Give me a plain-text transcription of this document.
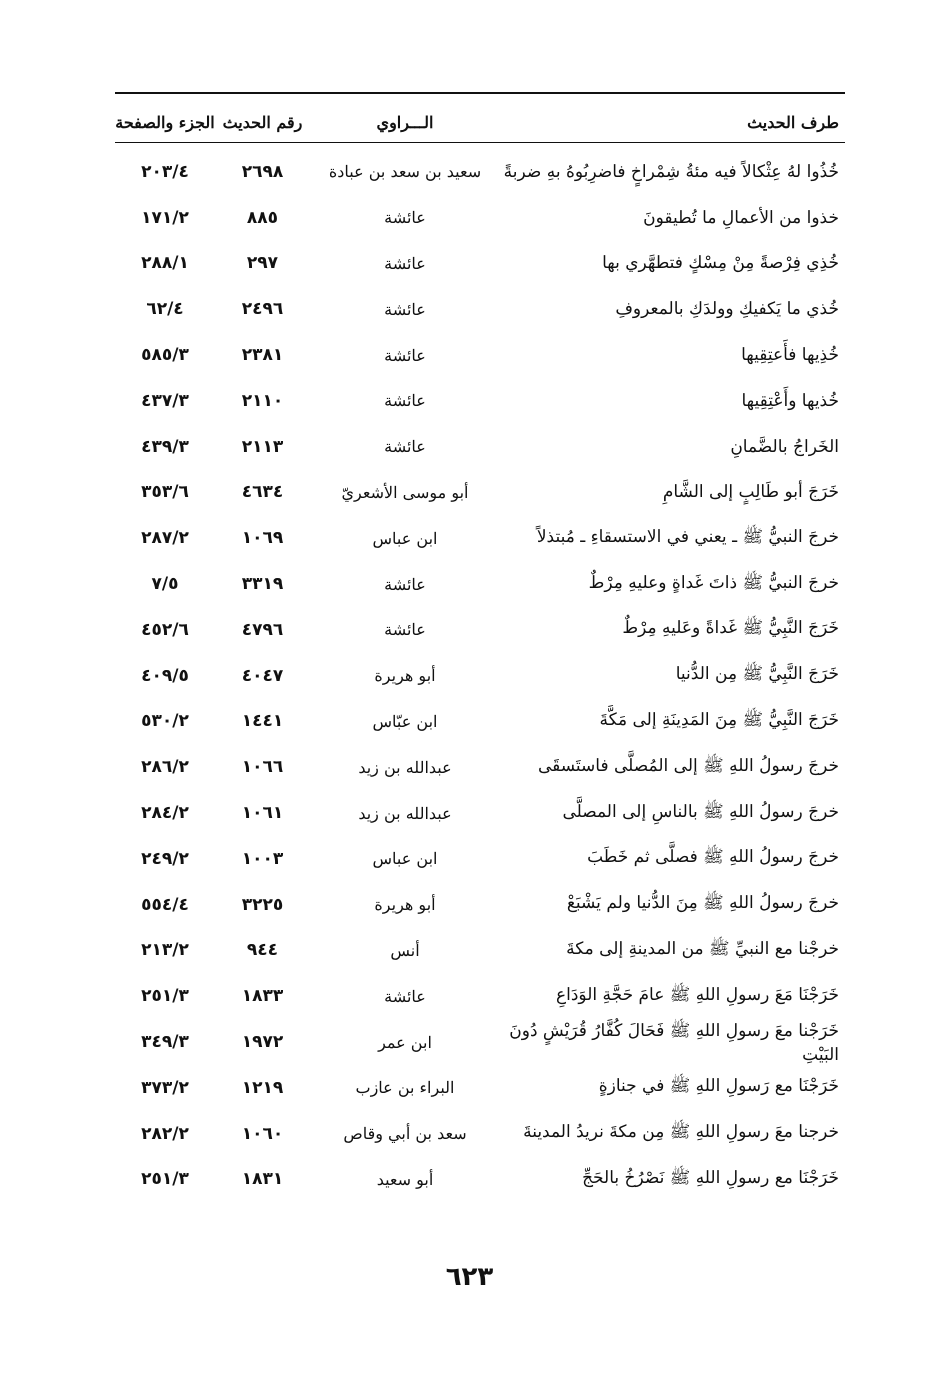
طرف الحديث
الـــراوي
رقم الحديث
الجزء والصفحة
خُذُوا لهُ عِثْكالاً فيه مئةُ شِمْراخٍ فاضرِبُوهُ بهِ ضربةً
سعيد بن سعد بن عبادة
٢٦٩٨
٢٠٣/٤
خذوا من الأعمالِ ما تُطيقونَ
عائشة
٨٨٥
١٧١/٢
خُذِي فِرْصةً مِنْ مِسْكٍ فتطهَّري بها
عائشة
٢٩٧
٢٨٨/١
خُذي ما يَكفيكِ وولدَكِ بالمعروفِ
عائشة
٢٤٩٦
٦٢/٤
خُذِيها فأَعتِقِيها
عائشة
٢٣٨١
٥٨٥/٣
خُذيها وأَعْتِقِيها
عائشة
٢١١٠
٤٣٧/٣
الخَراجُ بالضَّمانِ
عائشة
٢١١٣
٤٣٩/٣
خَرَجَ أبو طَالِبٍ إلى الشَّامِ
أبو موسى الأشعريّ
٤٦٣٤
٣٥٣/٦
خرجَ النبيُّ ﷺ ـ يعني في الاستسقاءِ ـ مُبتذلاً
ابن عباس
١٠٦٩
٢٨٧/٢
خرجَ النبيُّ ﷺ ذاتَ غَداةٍ وعليهِ مِرْطٌ
عائشة
٣٣١٩
٧/٥
خَرَجَ النَّبِيُّ ﷺ غَداةً وعَليهِ مِرْطٌ
عائشة
٤٧٩٦
٤٥٢/٦
خَرَجَ النَّبِيُّ ﷺ مِن الدُّنيا
أبو هريرة
٤٠٤٧
٤٠٩/٥
خَرَجَ النَّبِيُّ ﷺ مِنَ المَدِينَةِ إلى مَكَّةَ
ابن عبّاس
١٤٤١
٥٣٠/٢
خرجَ رسولُ اللهِ ﷺ إلى المُصلَّى فاستَسقَى
عبدالله بن زيد
١٠٦٦
٢٨٦/٢
خرجَ رسولُ اللهِ ﷺ بالناسِ إلى المصلَّى
عبدالله بن زيد
١٠٦١
٢٨٤/٢
خرجَ رسولُ اللهِ ﷺ فصلَّى ثم خَطَبَ
ابن عباس
١٠٠٣
٢٤٩/٢
خرجَ رسولُ اللهِ ﷺ مِنَ الدُّنيا ولم يَشْبَعْ
أبو هريرة
٣٢٢٥
٥٥٤/٤
خرجْنا مع النبيِّ ﷺ من المدينةِ إلى مكةَ
أنس
٩٤٤
٢١٣/٢
خَرَجْنَا مَعَ رسولِ اللهِ ﷺ عامَ حَجَّةِ الوَدَاعِ
عائشة
١٨٣٣
٢٥١/٣
خَرَجْنا معَ رسولِ اللهِ ﷺ فَحَالَ كُفَّارُ قُرَيْشٍ دُونَ البَيْتِ
ابن عمر
١٩٧٢
٣٤٩/٣
خَرَجْنَا مع رَسولِ اللهِ ﷺ في جنازةٍ
البراء بن عازب
١٢١٩
٣٧٣/٢
خرجنا معَ رسولِ اللهِ ﷺ مِن مكةَ نريدُ المدينةَ
سعد بن أبي وقاص
١٠٦٠
٢٨٢/٢
خَرَجْنَا مع رسولِ اللهِ ﷺ نَصْرُخُ بالحَجِّ
أبو سعيد
١٨٣١
٢٥١/٣
٦٢٣
